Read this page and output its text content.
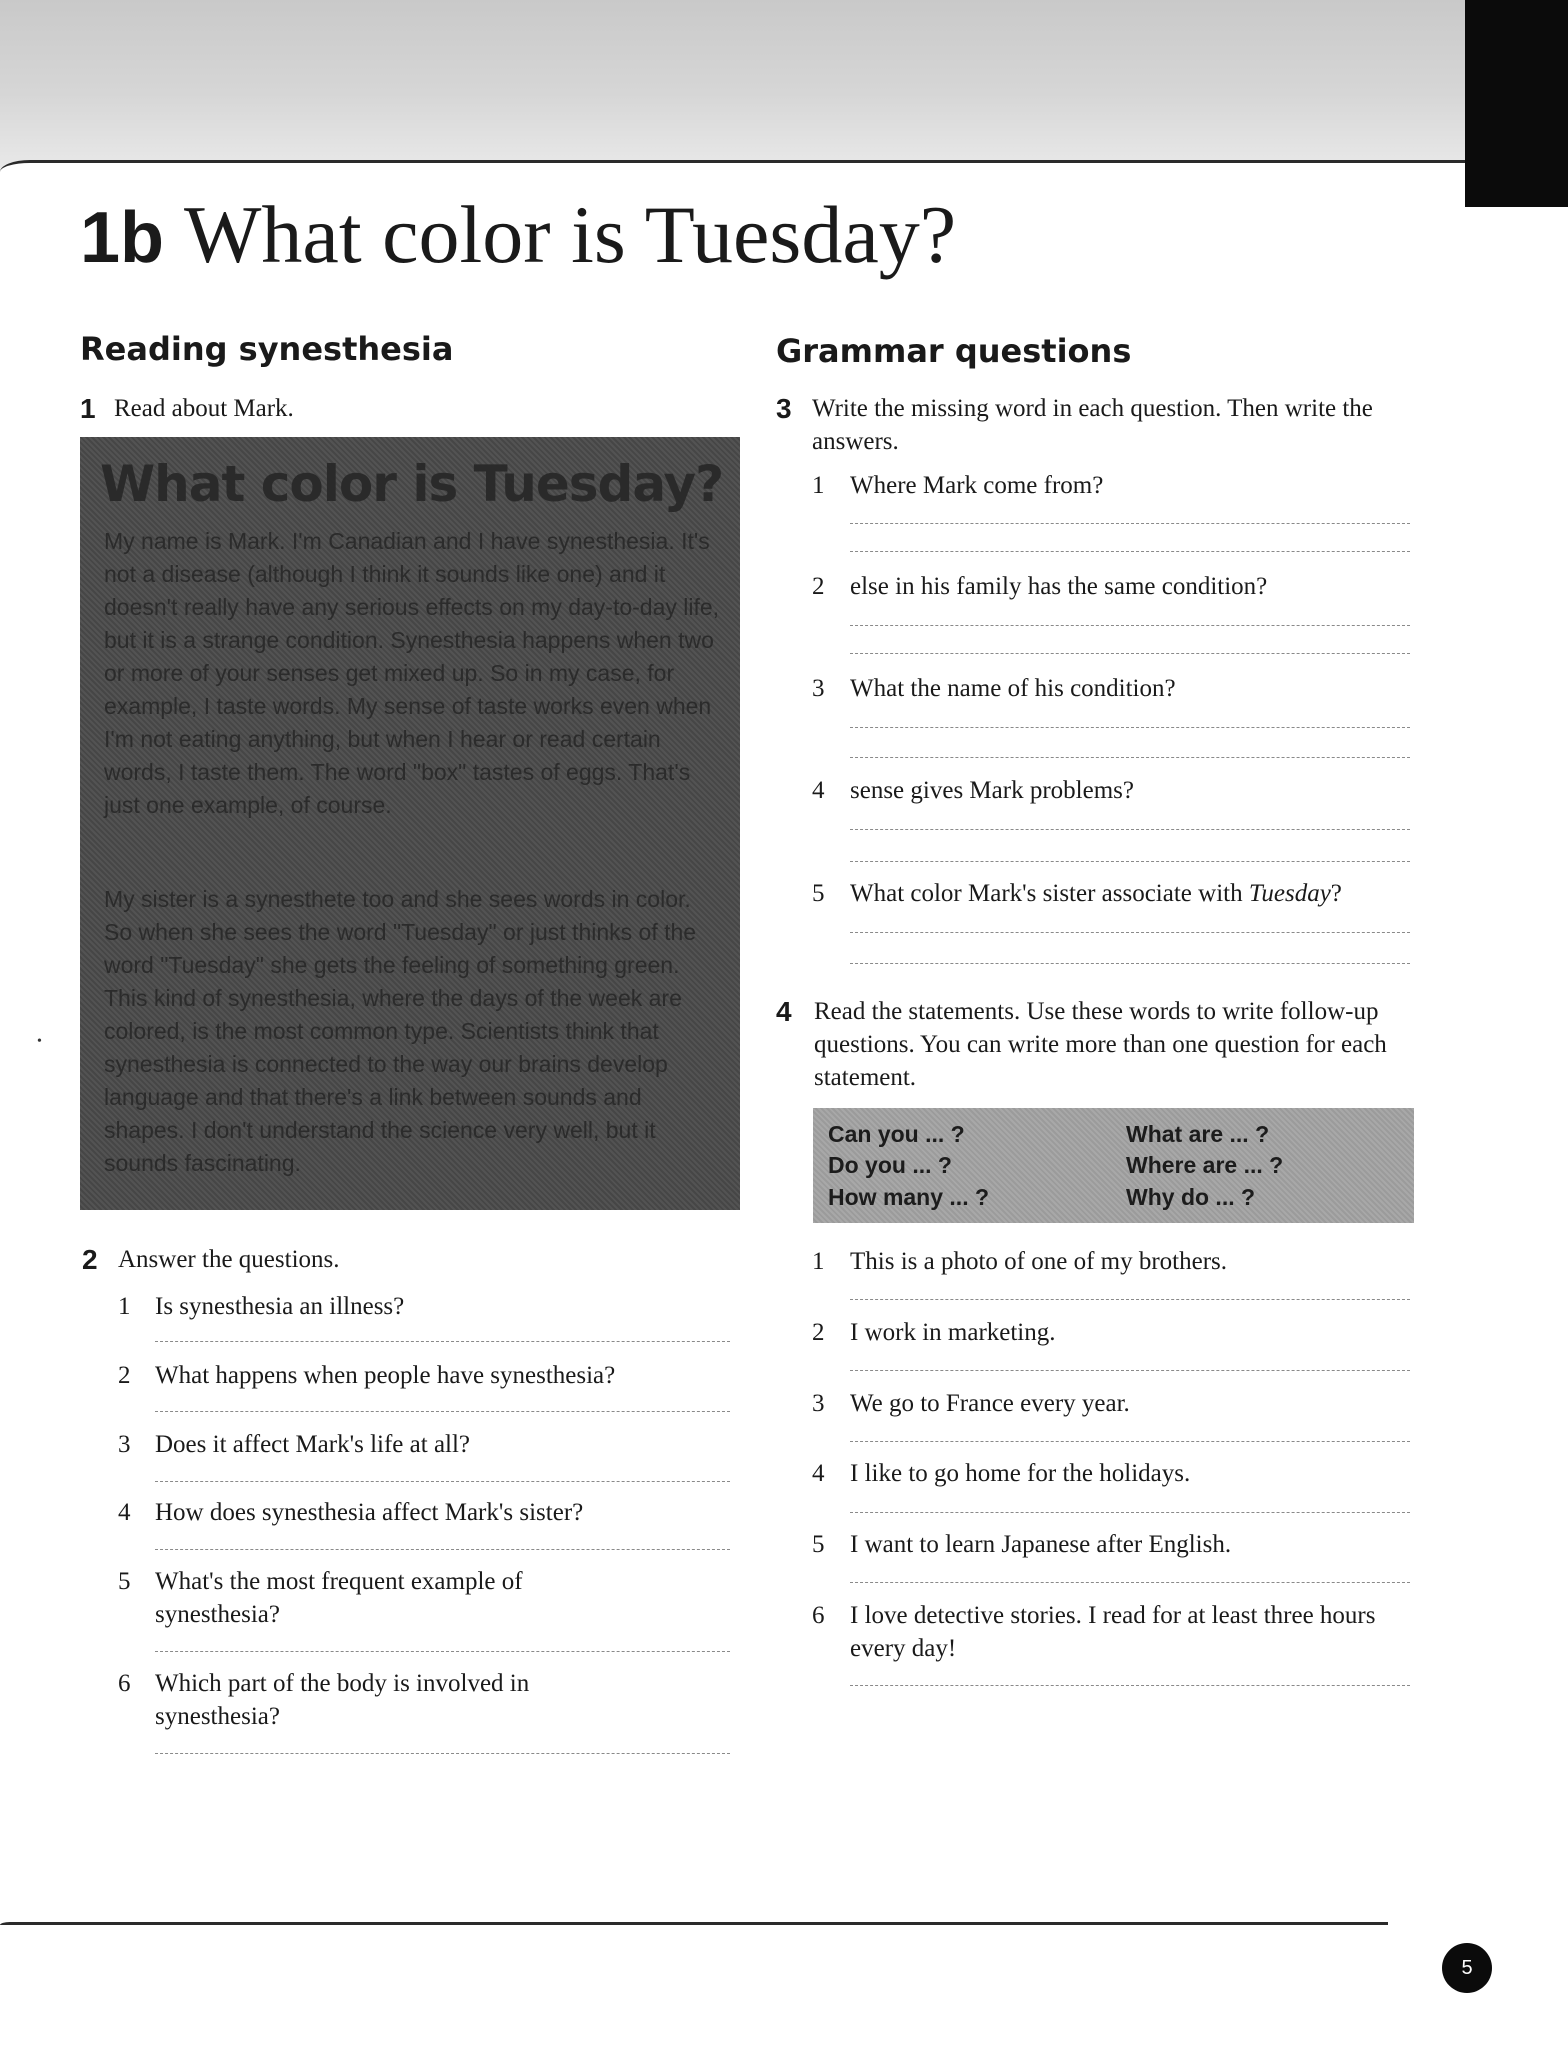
1b What color is Tuesday?
Reading synesthesia
1 Read about Mark.
What color is Tuesday?

My name is Mark. I'm Canadian and I have synesthesia. It's not a disease (although I think it sounds like one) and it doesn't really have any serious effects on my day-to-day life, but it is a strange condition. Synesthesia happens when two or more of your senses get mixed up. So in my case, for example, I taste words. My sense of taste works even when I'm not eating anything, but when I hear or read certain words, I taste them. The word "box" tastes of eggs. That's just one example, of course.

My sister is a synesthete too and she sees words in color. So when she sees the word "Tuesday" or just thinks of the word "Tuesday" she gets the feeling of something green. This kind of synesthesia, where the days of the week are colored, is the most common type. Scientists think that synesthesia is connected to the way our brains develop language and that there's a link between sounds and shapes. I don't understand the science very well, but it sounds fascinating.

•
2 Answer the questions.
1 Is synesthesia an illness?
2 What happens when people have synesthesia?
3 Does it affect Mark's life at all?
4 How does synesthesia affect Mark's sister?
5 What's the most frequent example of synesthesia?
6 Which part of the body is involved in synesthesia?
Grammar questions
3 Write the missing word in each question. Then write the answers.
1 Where Mark come from?
2 else in his family has the same condition?
3 What the name of his condition?
4 sense gives Mark problems?
5 What color Mark's sister associate with Tuesday?
4 Read the statements. Use these words to write follow-up questions. You can write more than one question for each statement.
Can you ... ?
Do you ... ?
How many ... ?
What are ... ?
Where are ... ?
Why do ... ?
1 This is a photo of one of my brothers.
2 I work in marketing.
3 We go to France every year.
4 I like to go home for the holidays.
5 I want to learn Japanese after English.
6 I love detective stories. I read for at least three hours every day!
5
